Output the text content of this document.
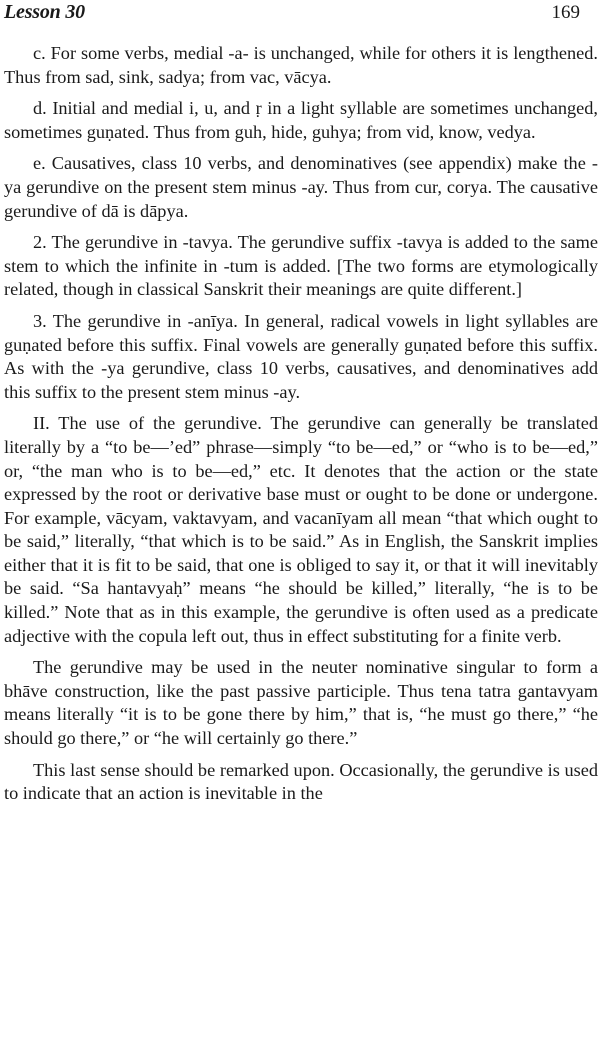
Lesson 30	169

c. For some verbs, medial -a- is unchanged, while for others it is lengthened. Thus from sad, sink, sadya; from vac, vācya.

d. Initial and medial i, u, and ṛ in a light syllable are sometimes unchanged, sometimes guṇated. Thus from guh, hide, guhya; from vid, know, vedya.

e. Causatives, class 10 verbs, and denominatives (see appendix) make the -ya gerundive on the present stem minus -ay. Thus from cur, corya. The causative gerundive of dā is dāpya.

2. The gerundive in -tavya. The gerundive suffix -tavya is added to the same stem to which the infinite in -tum is added. [The two forms are etymologically related, though in classical Sanskrit their meanings are quite different.]

3. The gerundive in -anīya. In general, radical vowels in light syllables are guṇated before this suffix. Final vowels are generally guṇated before this suffix. As with the -ya gerundive, class 10 verbs, causatives, and denominatives add this suffix to the present stem minus -ay.

II. The use of the gerundive. The gerundive can generally be translated literally by a “to be—’ed” phrase—simply “to be—ed,” or “who is to be—ed,” or, “the man who is to be—ed,” etc. It denotes that the action or the state expressed by the root or derivative base must or ought to be done or undergone. For example, vācyam, vaktavyam, and vacanīyam all mean “that which ought to be said,” literally, “that which is to be said.” As in English, the Sanskrit implies either that it is fit to be said, that one is obliged to say it, or that it will inevitably be said. “Sa hantavyaḥ” means “he should be killed,” literally, “he is to be killed.” Note that as in this example, the gerundive is often used as a predicate adjective with the copula left out, thus in effect substituting for a finite verb.

The gerundive may be used in the neuter nominative singular to form a bhāve construction, like the past passive participle. Thus tena tatra gantavyam means literally “it is to be gone there by him,” that is, “he must go there,” “he should go there,” or “he will certainly go there.”

This last sense should be remarked upon. Occasionally, the gerundive is used to indicate that an action is inevitable in the
